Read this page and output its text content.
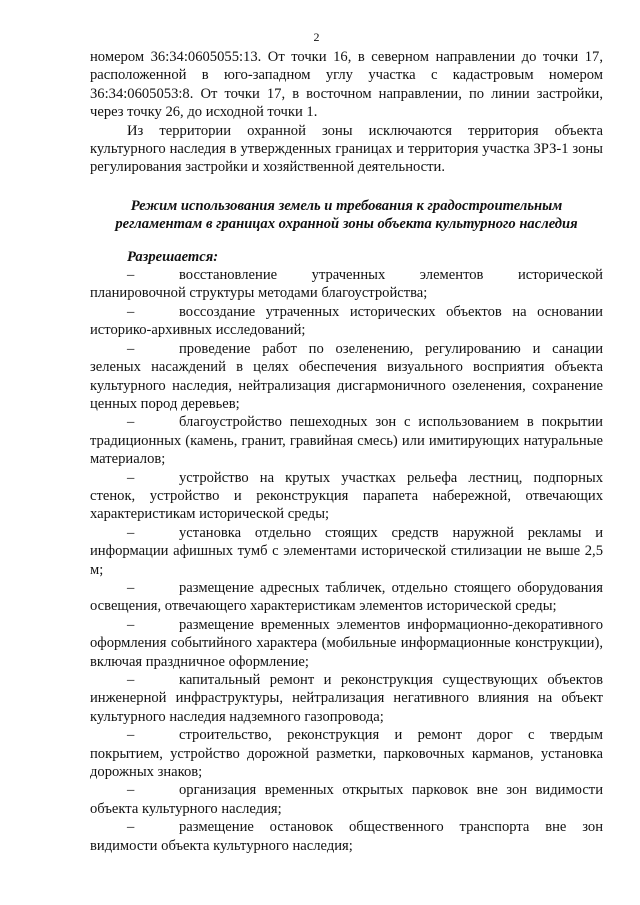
2

номером 36:34:0605055:13. От точки 16, в северном направлении до точки 17, расположенной в юго-западном углу участка с кадастровым номером 36:34:0605053:8. От точки 17, в восточном направлении, по линии застройки, через точку 26, до исходной точки 1.

Из территории охранной зоны исключаются территория объекта культурного наследия в утвержденных границах и территория участка ЗРЗ-1 зоны регулирования застройки и хозяйственной деятельности.

Режим использования земель и требования к градостроительным регламентам в границах охранной зоны объекта культурного наследия
Разрешается:

–	восстановление утраченных элементов исторической планировочной структуры методами благоустройства;

–	воссоздание утраченных исторических объектов на основании историко-архивных исследований;

–	проведение работ по озеленению, регулированию и санации зеленых насаждений в целях обеспечения визуального восприятия объекта культурного наследия, нейтрализация дисгармоничного озеленения, сохранение ценных пород деревьев;

–	благоустройство пешеходных зон с использованием в покрытии традиционных (камень, гранит, гравийная смесь) или имитирующих натуральные материалов;

–	устройство на крутых участках рельефа лестниц, подпорных стенок, устройство и реконструкция парапета набережной, отвечающих характеристикам исторической среды;

–	установка отдельно стоящих средств наружной рекламы и информации афишных тумб с элементами исторической стилизации не выше 2,5 м;

–	размещение адресных табличек, отдельно стоящего оборудования освещения, отвечающего характеристикам элементов исторической среды;

–	размещение временных элементов информационно-декоративного оформления событийного характера (мобильные информационные конструкции), включая праздничное оформление;

–	капитальный ремонт и реконструкция существующих объектов инженерной инфраструктуры, нейтрализация негативного влияния на объект культурного наследия надземного газопровода;

–	строительство, реконструкция и ремонт дорог с твердым покрытием, устройство дорожной разметки, парковочных карманов, установка дорожных знаков;

–	организация временных открытых парковок вне зон видимости объекта культурного наследия;

–	размещение остановок общественного транспорта вне зон видимости объекта культурного наследия;
